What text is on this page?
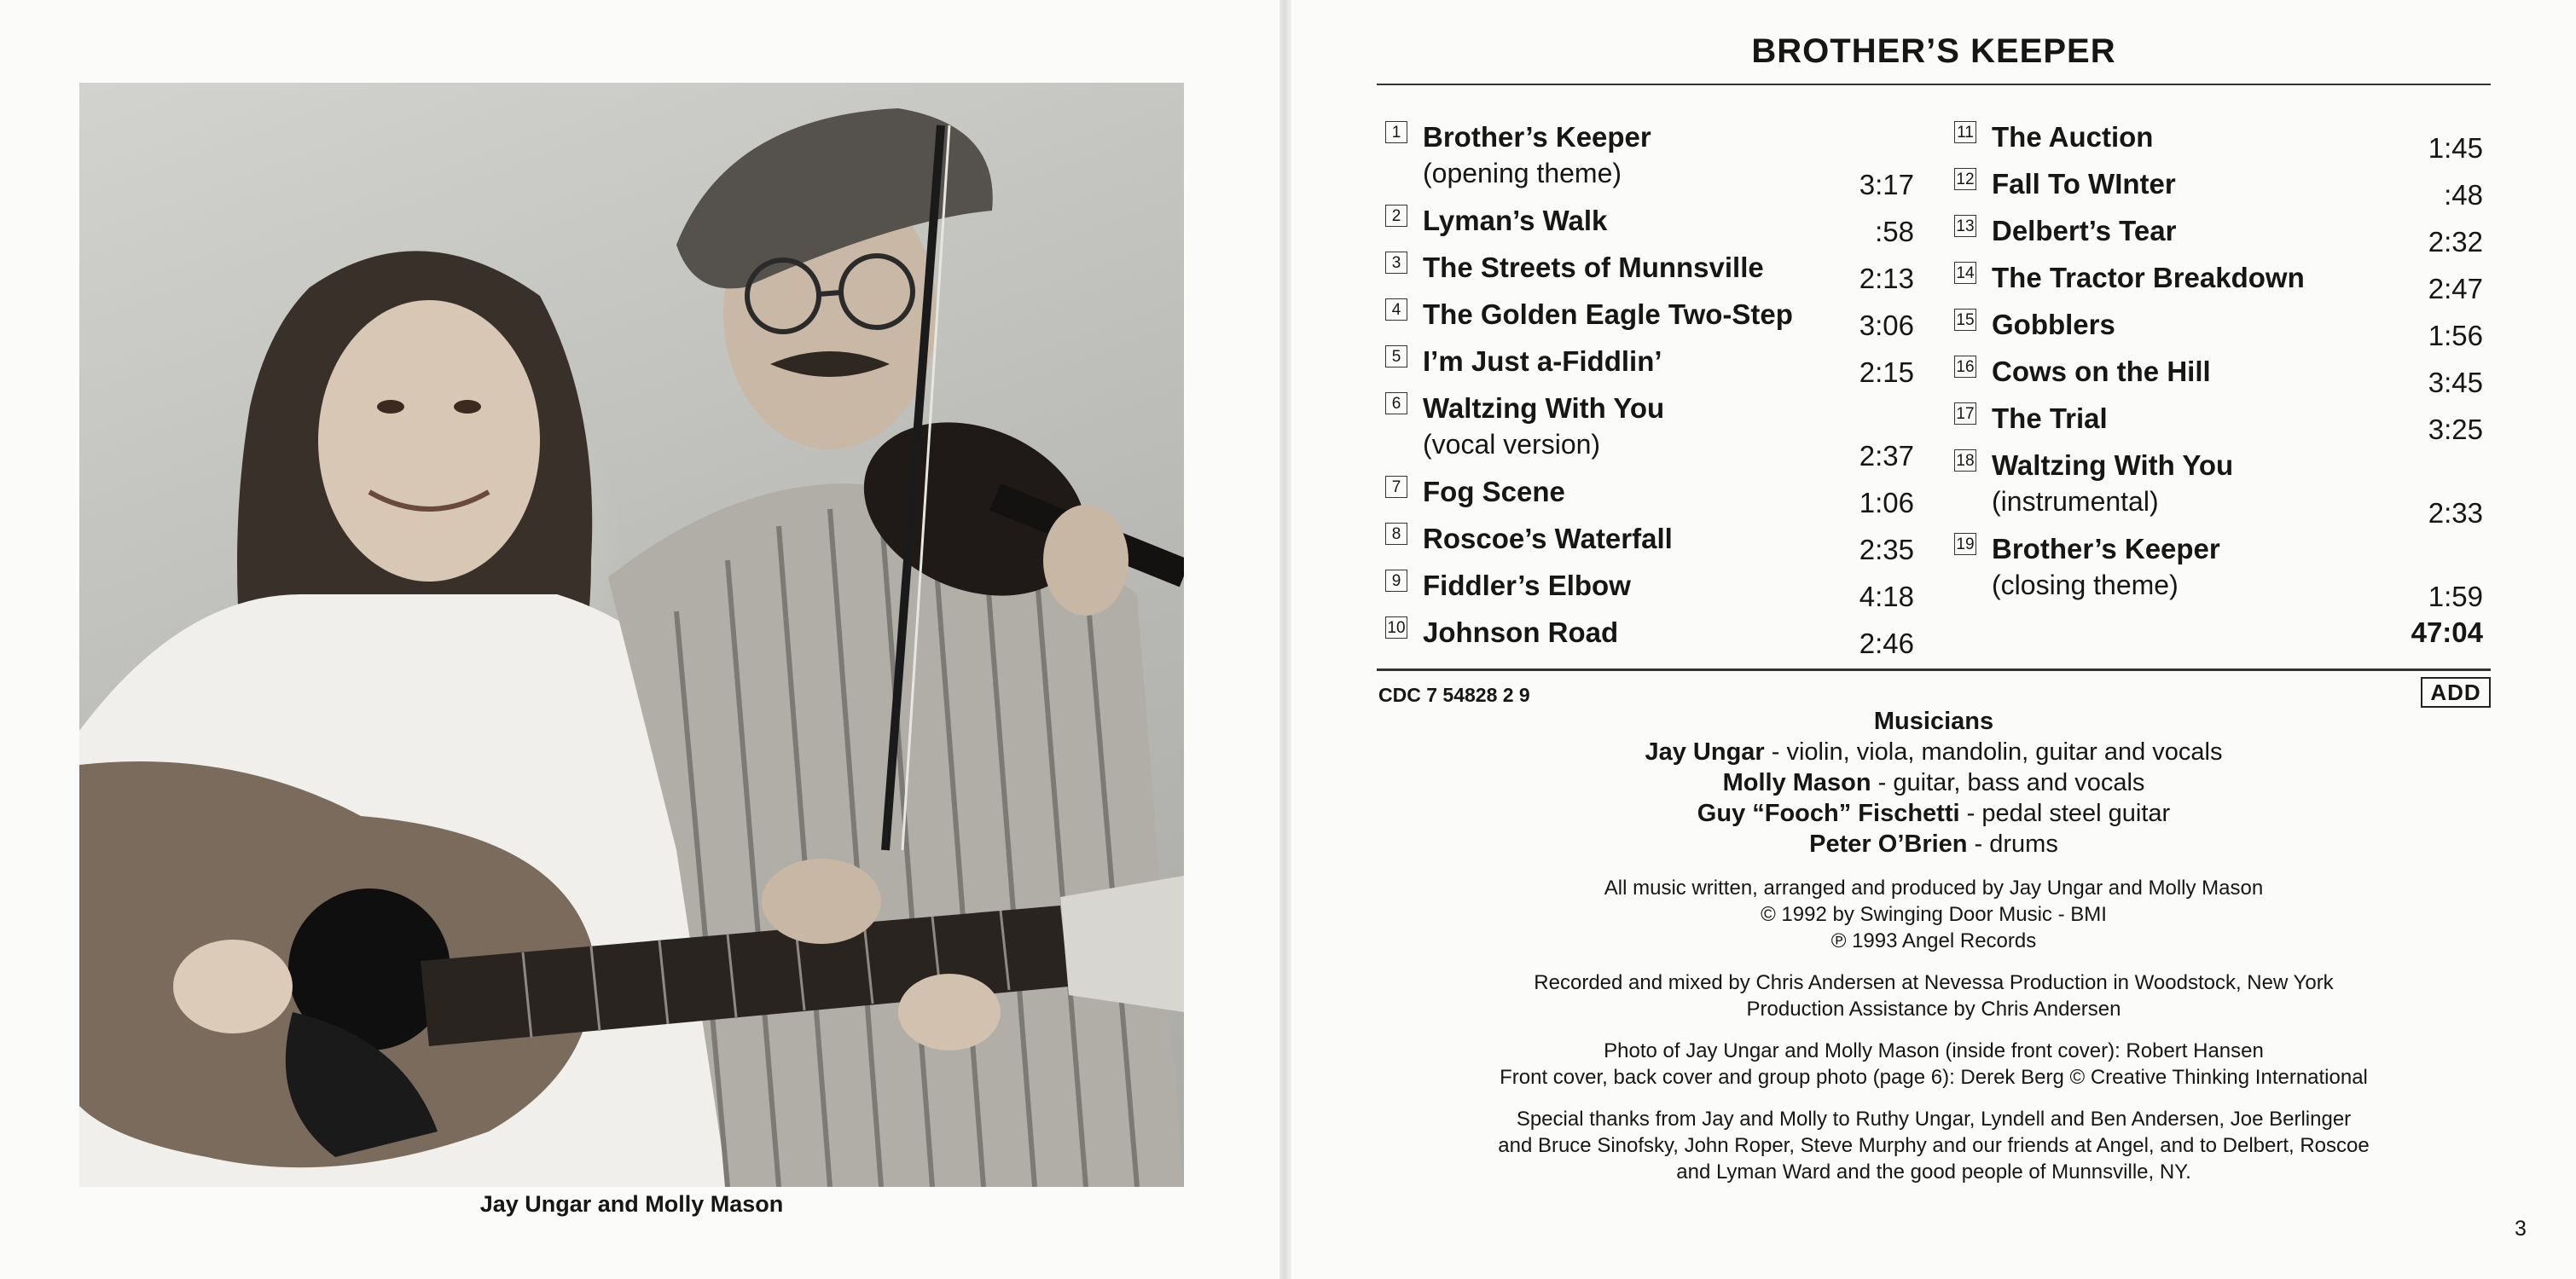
Jay Ungar and Molly Mason
BROTHER’S KEEPER
1 Brother’s Keeper
(opening theme)	3:17
2 Lyman’s Walk	:58
3 The Streets of Munnsville	2:13
4 The Golden Eagle Two-Step	3:06
5 I’m Just a-Fiddlin’	2:15
6 Waltzing With You
(vocal version)	2:37
7 Fog Scene	1:06
8 Roscoe’s Waterfall	2:35
9 Fiddler’s Elbow	4:18
10 Johnson Road	2:46
11 The Auction	1:45
12 Fall To WInter	:48
13 Delbert’s Tear	2:32
14 The Tractor Breakdown	2:47
15 Gobblers	1:56
16 Cows on the Hill	3:45
17 The Trial	3:25
18 Waltzing With You
(instrumental)	2:33
19 Brother’s Keeper
(closing theme)	1:59
47:04
CDC 7 54828 2 9	ADD
Musicians
Jay Ungar - violin, viola, mandolin, guitar and vocals
Molly Mason - guitar, bass and vocals
Guy “Fooch” Fischetti - pedal steel guitar
Peter O’Brien - drums
All music written, arranged and produced by Jay Ungar and Molly Mason
© 1992 by Swinging Door Music - BMI
℗ 1993 Angel Records
Recorded and mixed by Chris Andersen at Nevessa Production in Woodstock, New York
Production Assistance by Chris Andersen
Photo of Jay Ungar and Molly Mason (inside front cover): Robert Hansen
Front cover, back cover and group photo (page 6): Derek Berg © Creative Thinking International
Special thanks from Jay and Molly to Ruthy Ungar, Lyndell and Ben Andersen, Joe Berlinger
and Bruce Sinofsky, John Roper, Steve Murphy and our friends at Angel, and to Delbert, Roscoe
and Lyman Ward and the good people of Munnsville, NY.
3
